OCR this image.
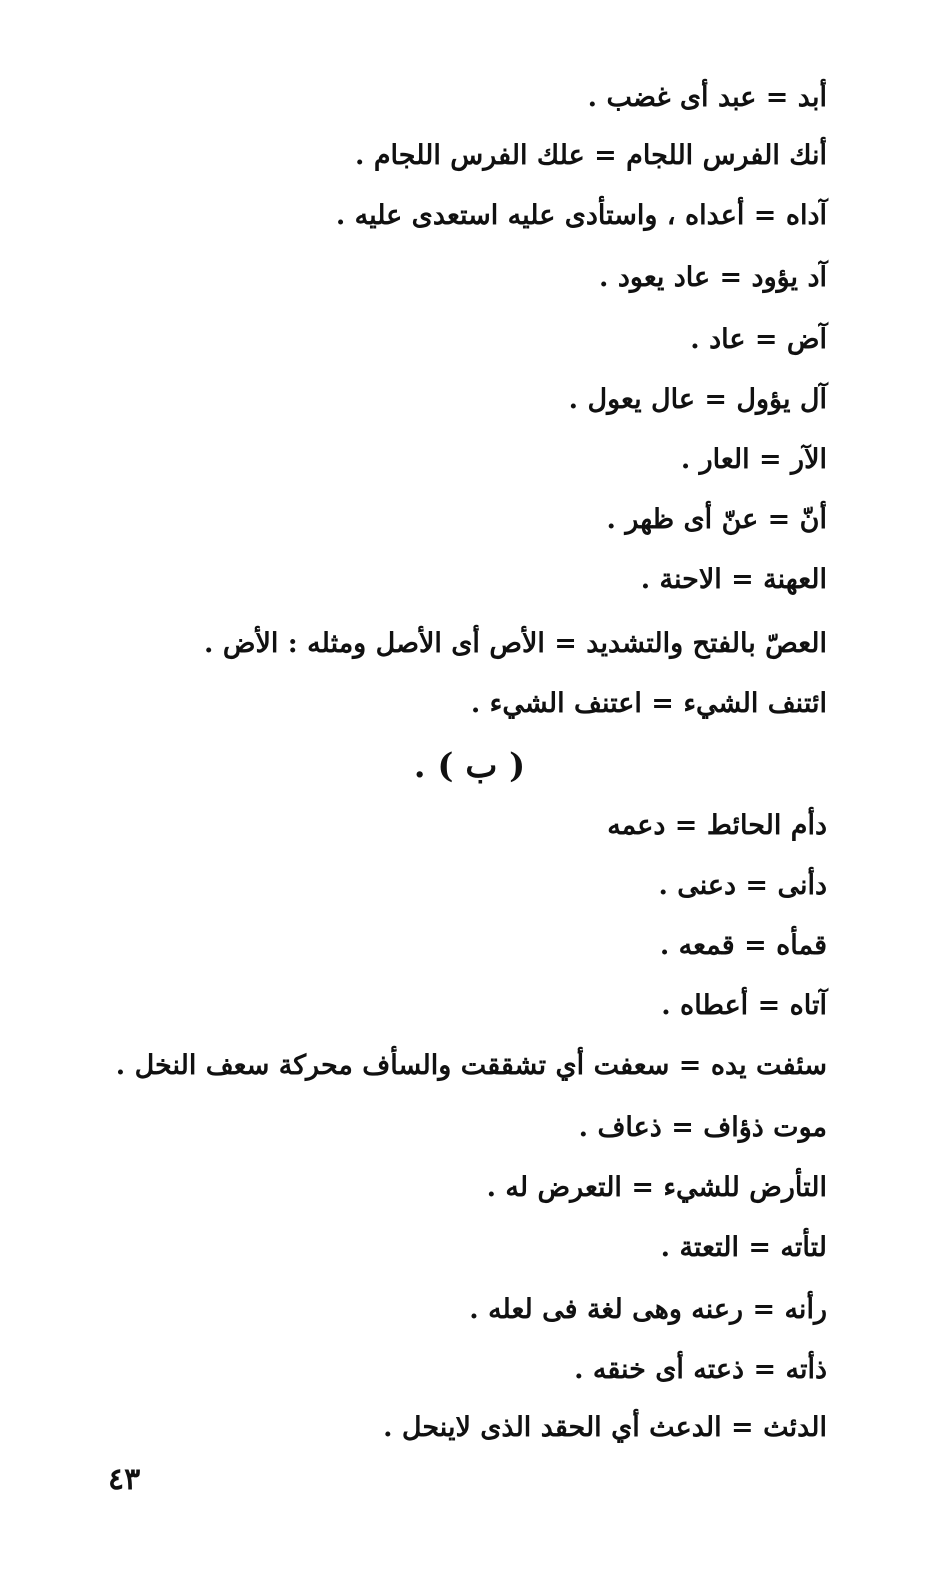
أبد = عبد أى غضب .
أنك الفرس اللجام = علك الفرس اللجام .
آداه = أعداه ، واستأدى عليه استعدى عليه .
آد يؤود = عاد يعود .
آض = عاد .
آل يؤول = عال يعول .
الآر = العار .
أنّ = عنّ أى ظهر .
العهنة = الاحنة .
العصّ بالفتح والتشديد = الأص أى الأصل ومثله : الأض .
ائتنف الشيء = اعتنف الشيء .
( ب ) .
دأم الحائط = دعمه
دأنى = دعنى .
قمأه = قمعه .
آتاه = أعطاه .
سئفت يده = سعفت أي تشققت والسأف محركة سعف النخل .
موت ذؤاف = ذعاف .
التأرض للشيء = التعرض له .
لتأته = التعتة .
رأنه = رعنه وهى لغة فى لعله .
ذأته = ذعته أى خنقه .
الدئث = الدعث أي الحقد الذى لاينحل .
٤٣
